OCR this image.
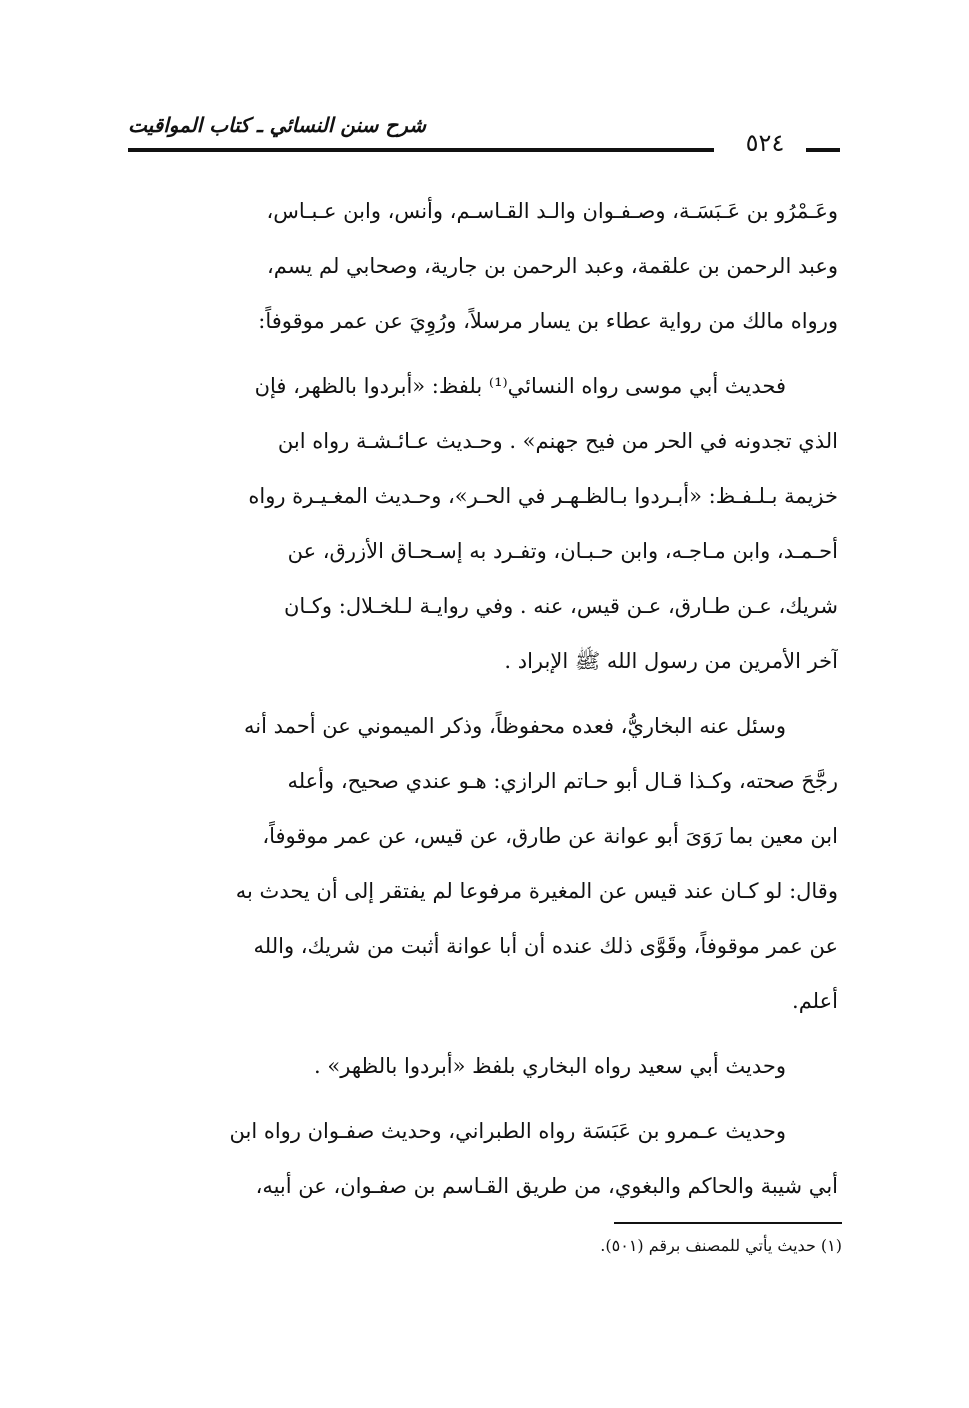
شرح سنن النسائي ـ كتاب المواقيت
٥٢٤
وعَـمْرُو بن عَـبَسَـة، وصـفـوان والـد القـاسـم، وأنس، وابن عـبـاس،
وعبد الرحمن بن علقمة، وعبد الرحمن بن جارية، وصحابي لم يسم،
ورواه مالك من رواية عطاء بن يسار مرسلاً، ورُوِيَ عن عمر موقوفاً:
فحديث أبي موسى رواه النسائي⁽¹⁾ بلفظ: «أبردوا بالظهر، فإن
الذي تجدونه في الحر من فيح جهنم» . وحـديث عـائـشـة رواه ابن
خزيمة بـلـفـظ: «أبـردوا بـالظـهـر في الحـر»، وحـديث المغـيـرة رواه
أحـمـد، وابن مـاجـه، وابن حـبـان، وتفـرد به إسـحـاق الأزرق، عن
شريك، عـن طـارق، عـن قيس، عنه . وفي روايـة لـلخـلال: وكـان
آخر الأمرين من رسول الله ﷺ الإبراد .
وسئل عنه البخاريُّ، فعده محفوظاً، وذكر الميموني عن أحمد أنه
رجَّحَ صحته، وكـذا قـال أبو حـاتم الرازي: هـو عندي صحيح، وأعله
ابن معين بما رَوَىَ أبو عوانة عن طارق، عن قيس، عن عمر موقوفاً،
وقال: لو كـان عند قيس عن المغيرة مرفوعا لم يفتقر إلى أن يحدث به
عن عمر موقوفاً، وقَوَّى ذلك عنده أن أبا عوانة أثبت من شريك، والله
أعلم.
وحديث أبي سعيد رواه البخاري بلفظ «أبردوا بالظهر» .
وحديث عـمرو بن عَبَسَة رواه الطبراني، وحديث صفـوان رواه ابن
أبي شيبة والحاكم والبغوي، من طريق القـاسم بن صفـوان، عن أبيه،
(١) حديث يأتي للمصنف برقم (٥٠١).
